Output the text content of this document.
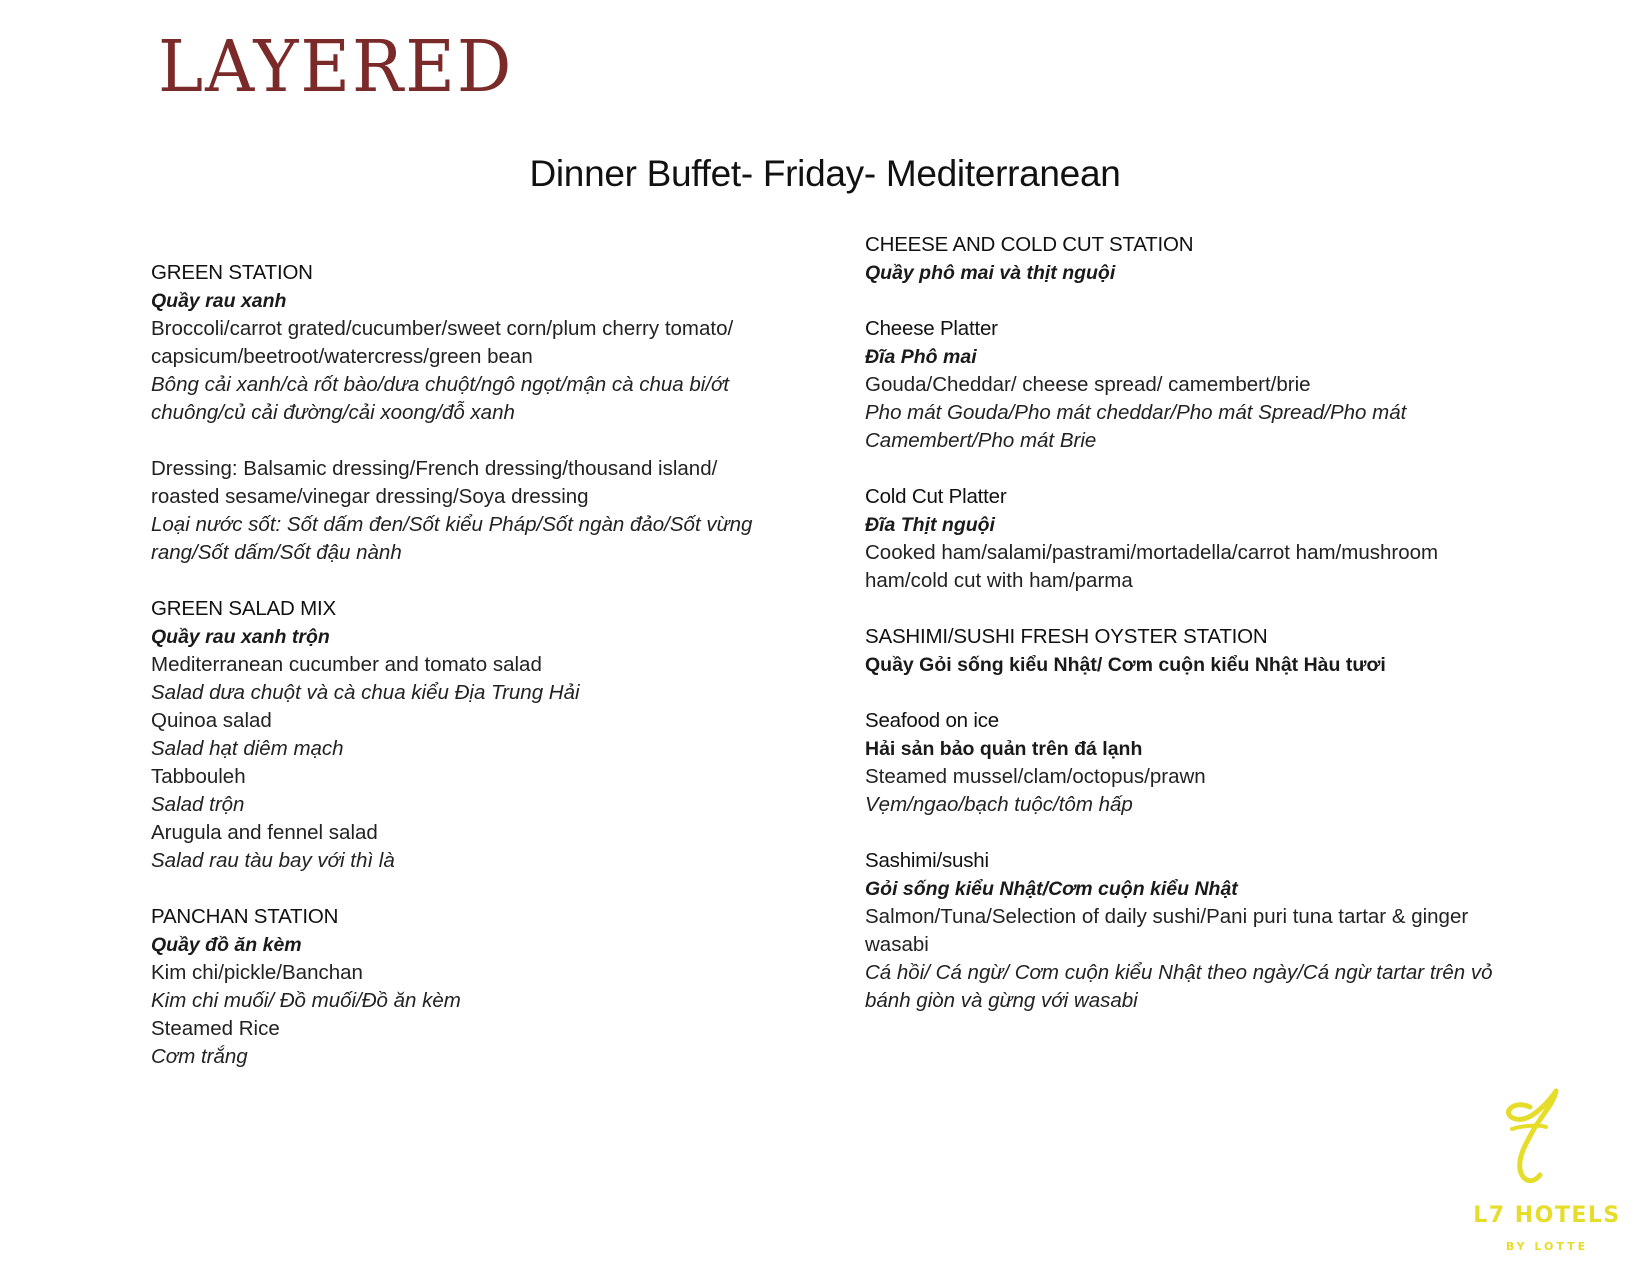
LAYERED
Dinner Buffet- Friday- Mediterranean
GREEN STATION
Quầy rau xanh
Broccoli/carrot grated/cucumber/sweet corn/plum cherry tomato/
capsicum/beetroot/watercress/green bean
Bông cải xanh/cà rốt bào/dưa chuột/ngô ngọt/mận cà chua bi/ớt
chuông/củ cải đường/cải xoong/đỗ xanh
Dressing: Balsamic dressing/French dressing/thousand island/
roasted sesame/vinegar dressing/Soya dressing
Loại nước sốt: Sốt dấm đen/Sốt kiểu Pháp/Sốt ngàn đảo/Sốt vừng
rang/Sốt dấm/Sốt đậu nành
GREEN SALAD MIX
Quầy rau xanh trộn
Mediterranean cucumber and tomato salad
Salad dưa chuột và cà chua kiểu Địa Trung Hải
Quinoa salad
Salad hạt diêm mạch
Tabbouleh
Salad trộn
Arugula and fennel salad
Salad rau tàu bay với thì là
PANCHAN STATION
Quầy đồ ăn kèm
Kim chi/pickle/Banchan
Kim chi muối/ Đồ muối/Đồ ăn kèm
Steamed Rice
Cơm trắng
CHEESE AND COLD CUT STATION
Quầy phô mai và thịt nguội
Cheese Platter
Đĩa Phô mai
Gouda/Cheddar/ cheese spread/ camembert/brie
Pho mát Gouda/Pho mát cheddar/Pho mát Spread/Pho mát
Camembert/Pho mát Brie
Cold Cut Platter
Đĩa Thịt nguội
Cooked ham/salami/pastrami/mortadella/carrot ham/mushroom
ham/cold cut with ham/parma
SASHIMI/SUSHI FRESH OYSTER STATION
Quầy Gỏi sống kiểu Nhật/ Cơm cuộn kiểu Nhật Hàu tươi
Seafood on ice
Hải sản bảo quản trên đá lạnh
Steamed mussel/clam/octopus/prawn
Vẹm/ngao/bạch tuộc/tôm hấp
Sashimi/sushi
Gỏi sống kiểu Nhật/Cơm cuộn kiểu Nhật
Salmon/Tuna/Selection of daily sushi/Pani puri tuna tartar & ginger
wasabi
Cá hồi/ Cá ngừ/ Cơm cuộn kiểu Nhật theo ngày/Cá ngừ tartar trên vỏ
bánh giòn và gừng với wasabi
L7 HOTELS
BY LOTTE
